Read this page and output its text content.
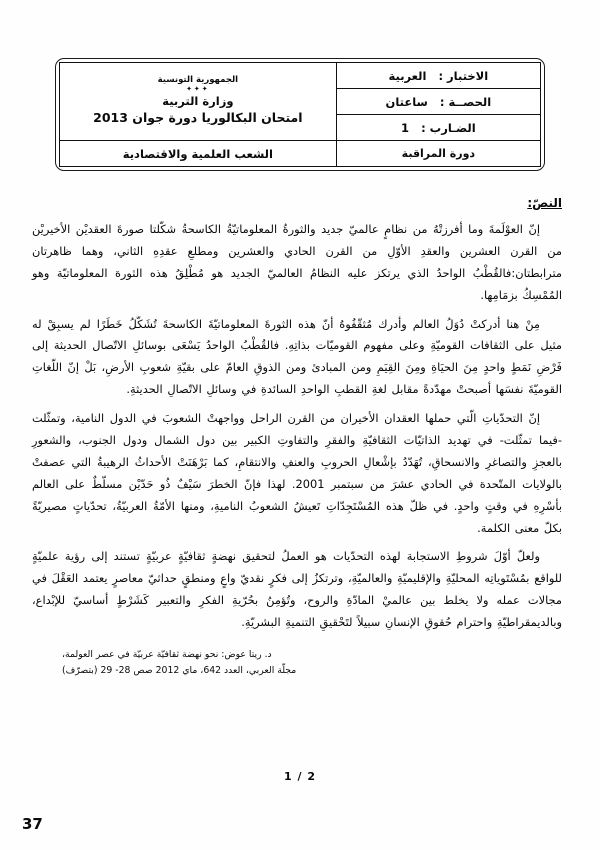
الاختبار :   العربية	الجمهورية التونسية
✦✦✦
وزارة التربية
امتحان البكالوريا دورة جوان 2013

الحصــة :   ساعتان	

الضـارب :   1	

دورة المراقبة	الشعب العلمية والاقتصادية
النصّ:

إنّ العوْلَمةَ وما أفرزتْهُ من نظامٍ عالميّ جديد والثورةُ المعلوماتيّةُ الكاسحةُ شكّلتا صورةَ العقديْن الأخيريْن من القرن العشرين والعقدِ الأوّلِ من القرن الحادي والعشرين ومطلعِ عقدِهِ الثاني، وهما ظاهرتان مترابطتان:فالقُطْبُ الواحدُ الذي يرتكز عليه النظامُ العالميّ الجديد هو مُطْلِقُ هذه الثورة المعلوماتيّة وهو المُمْسِكُ بزمَامِها.

مِنْ هنا أدركتْ دُوَلُ العالم وأدرك مُثقّفُوهُ أنّ هذه الثورةَ المعلوماتيّةَ الكاسحةَ تُشَكّلُ خَطَرًا لم يسبِقْ له مثيل على الثقافات القوميّةِ وعلى مفهوم القوميّات بذاتِهِ. فالقُطْبُ الواحدُ يَسْعَى بوسائلِ الاتّصال الحديثة إلى فَرْضِ نَمَطٍ واحدٍ مِنَ الحيَاةِ ومِنَ القِيَمِ ومن المبادئ ومن الذوقِ العامّ على بقيّةِ شعوبِ الأرضِ، بَلْ إنّ اللّغاتِ القوميّةَ نفسَها أصبحتْ مهدّدةً مقابل لغةِ القطبِ الواحدِ السائدةِ في وسائلِ الاتّصالِ الحديثةِ.

إنّ التحدّياتِ الّتي حملها العقدان الأخيران من القرن الراحل وواجهتْ الشعوبَ في الدول النامية، وتمثّلت -فيما تمثّلت- في تهديد الذاتيّات الثقافيّةِ والفقرِ والتفاوتِ الكبير بين دول الشمال ودول الجنوب، والشعورِ بالعجزِ والتصاغرِ والانسحاقِ، تُهَدّدُ بإشْعالِ الحروبِ والعنفِ والانتقامِ، كما بَرْهَنَتْ الأحداثُ الرهيبةُ التي عصفتْ بالولايات المتّحدة في الحادي عشرَ من سبتمبر 2001. لهذا فإنّ الخطرَ سَيْفٌ ذُو حَدّيْن مسلّطٌ على العالم بأسْرِهِ في وقتٍ واحدٍ. في ظلّ هذه المُسْتَجِدّاتِ تَعيشُ الشعوبُ الناميةِ، ومنها الأمّةُ العربيّةُ، تحدّياتٍ مصيريّةً بكلّ معنى الكلمة.

ولعلّ أوّلَ شروطِ الاستجابة لهذه التحدّيات هو العملُ لتحقيق نهضةٍ ثقافيّةٍ عربيّةٍ تستند إلى رؤية علميّةٍ للواقع بمُسْتَوياتِه المحليّةِ والإقليميّةِ والعالميّةِ، وترتكزُ إلى فكرٍ نقديّ واعٍ ومنطقٍ حداثيّ معاصرٍ يعتمد العَقْلَ في مجالات عمله ولا يخلط بين عالميْ المادّةِ والروح، وتُؤمِنُ بحُرّيةِ الفكرِ والتعبير كَشَرْطٍ أساسيّ للإبْداع، وبالديمقراطيّةِ واحترام حُقوقِ الإنسانِ سبيلاً لتَحْقيقِ التنميةِ البشريّةِ.

د. ريتا عوض: نحو نهضة ثقافيّة عربيّة في عصر العولمة،
مجلّة العربي، العدد 642، ماي 2012 صص 28- 29 (بتصرّف)
2 / 1
37
